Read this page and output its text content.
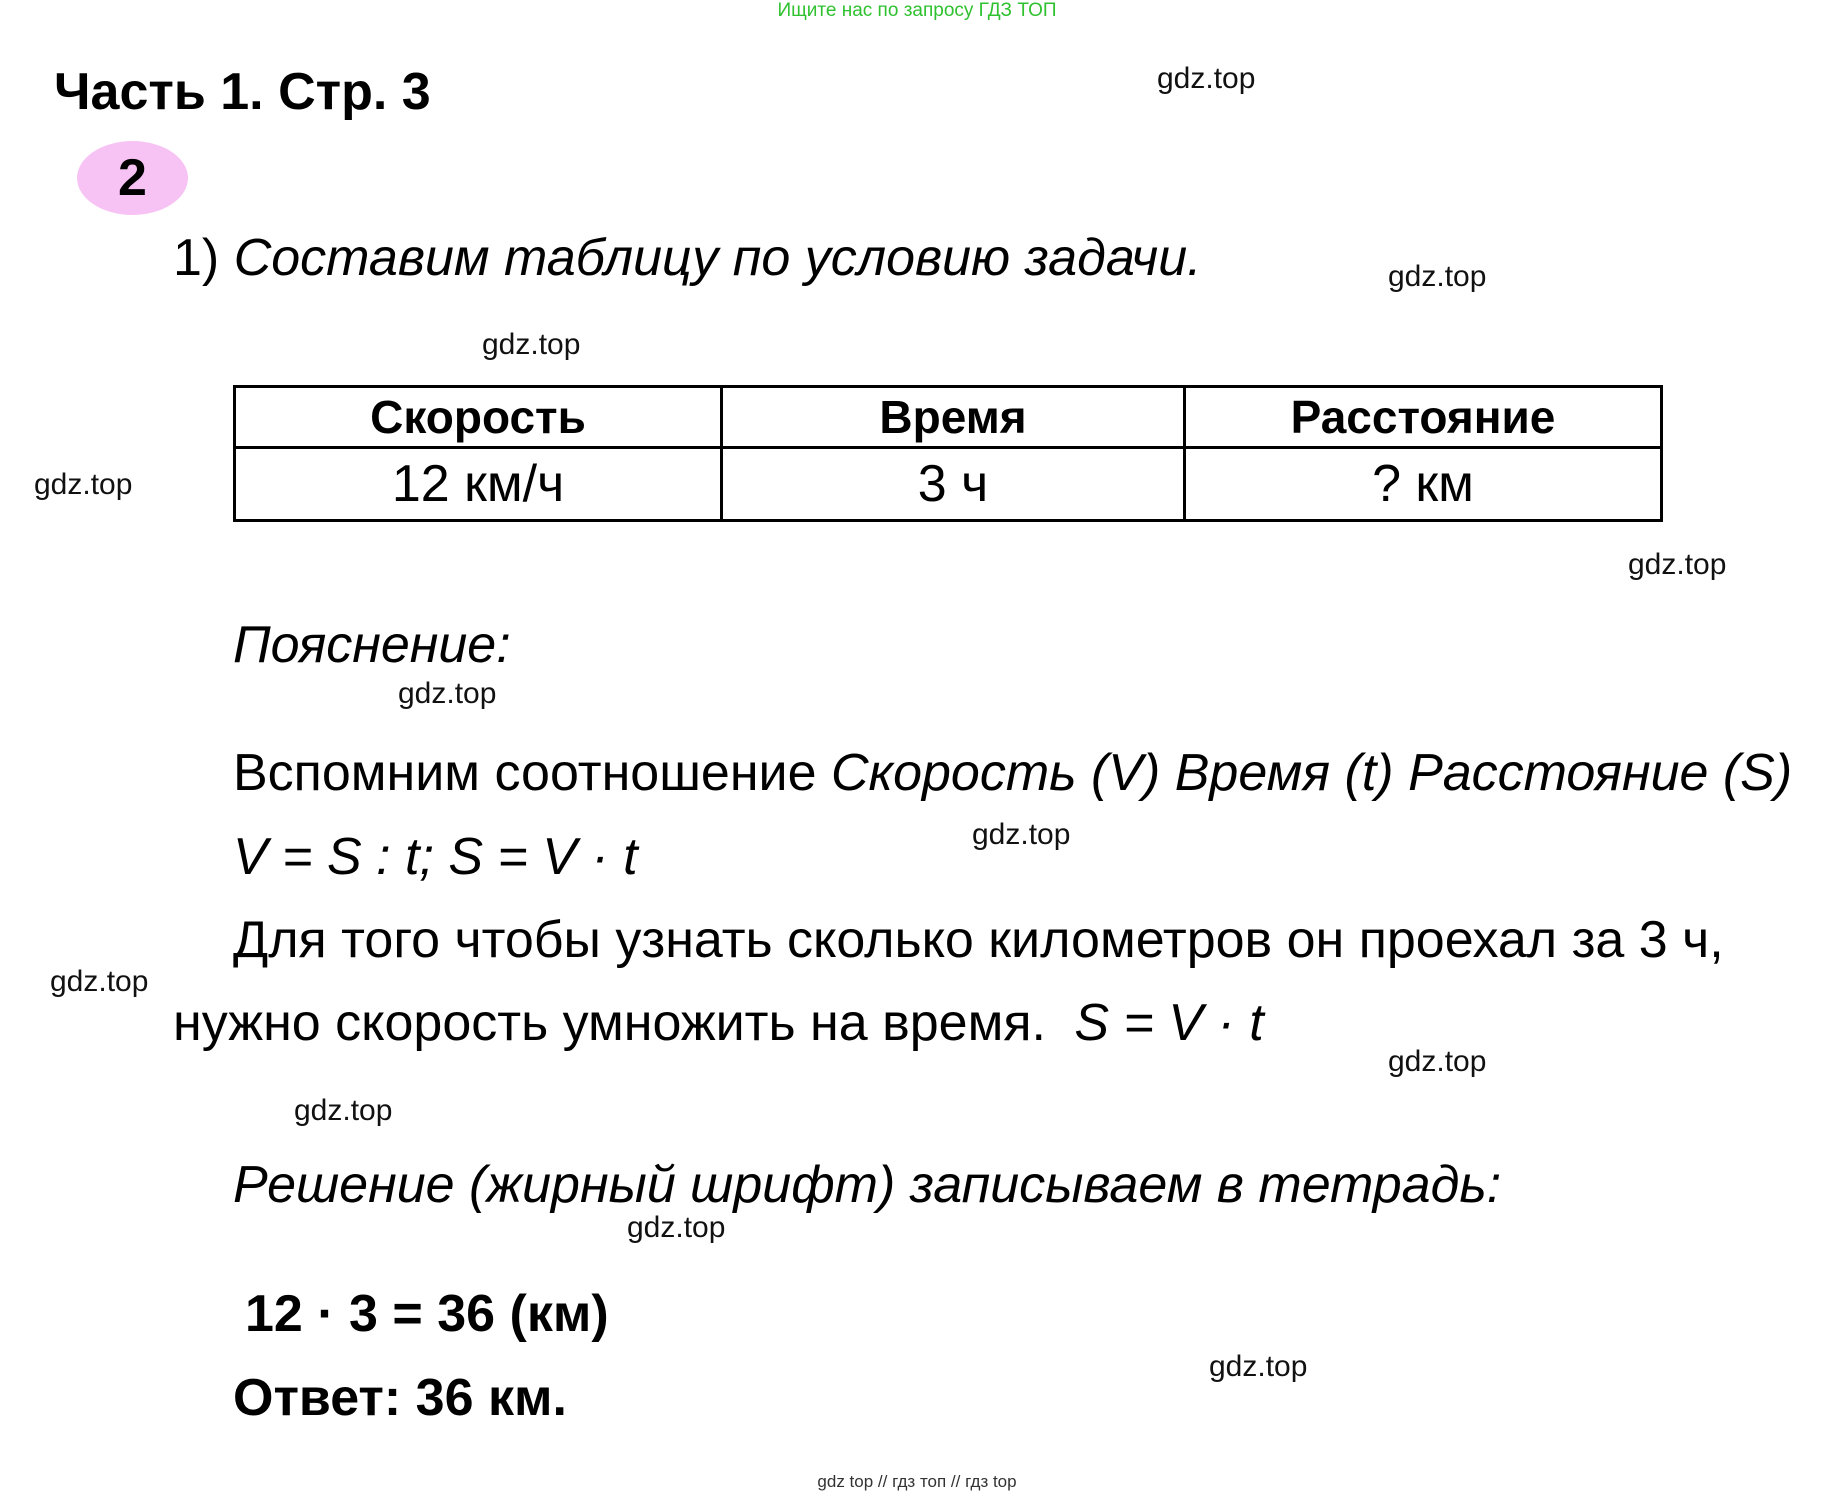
Ищите нас по запросу ГДЗ ТОП
Часть 1. Стр. 3
2
1) Составим таблицу по условию задачи.
Скорость	Время	Расстояние
12 км/ч	3 ч	? км
Пояснение:
Вспомним соотношение Скорость (V) Время (t) Расстояние (S)
V = S : t; S = V · t
Для того чтобы узнать сколько километров он проехал за 3 ч,
нужно скорость умножить на время. S = V · t
Решение (жирный шрифт) записываем в тетрадь:
12 · 3 = 36 (км)
Ответ: 36 км.
gdz.top
gdz.top
gdz.top
gdz.top
gdz.top
gdz.top
gdz.top
gdz.top
gdz.top
gdz.top
gdz.top
gdz.top
gdz top // гдз топ // гдз top
